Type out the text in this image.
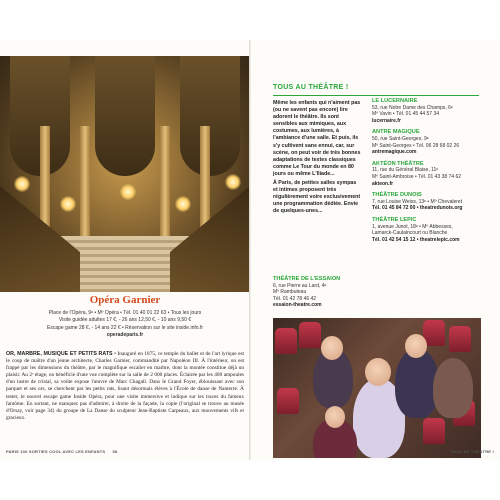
Opéra Garnier
Place de l'Opéra, 9ᵉ • Mº Opéra • Tél. 01 40 01 22 63 • Tous les jours
Visite guidée adultes 17 €, - 26 ans 12,50 €, - 10 ans 9,50 €
Escape game 28 €, - 14 ans 22 € • Réservation sur le site inside.info.fr
operadeparis.fr
OR, MARBRE, MUSIQUE ET PETITS RATS • Inauguré en 1875, ce temple du ballet et de l'art lyrique est le coup de maître d'un jeune architecte, Charles Garnier, commandité par Napoléon III. À l'intérieur, on est frappé par les dimensions du théâtre, par le magnifique escalier en marbre, dont la montée constitue déjà un plaisir. Au 2ᵉ étage, on bénéficie d'une vue complète sur la salle de 2 000 places. Éclairée par les 400 ampoules d'un lustre de cristal, sa voûte expose l'œuvre de Marc Chagall. Dans le Grand Foyer, éblouissant avec son parquet et ses ors, se cherchent par les petits rats, lisant désormais élèves à l'École de danse de Nanterre. À tester, le nouvel escape game Inside Opéra, pour une visite immersive et ludique sur les traces du fameux fantôme. En sortant, ne manquez pas d'admirer, à droite de la façade, la copie (l'original se trouve au musée d'Orsay, voir page 34) du groupe de La Danse du sculpteur Jean-Baptiste Carpeaux, aux mouvements vifs et gracieux.
PARIS 100 SORTIES COOL AVEC LES ENFANTS 58
TOUS AU THÉÂTRE !

Même les enfants qui n'aiment pas (ou ne savent pas encore) lire adorent le théâtre. Ils sont sensibles aux mimiques, aux costumes, aux lumières, à l'ambiance d'une salle. Et puis, ils s'y cultivent sans ennui, car, sur scène, on peut voir de très bonnes adaptations de textes classiques comme Le Tour du monde en 80 jours ou même L'Iliade...

À Paris, de petites salles sympas et intimes proposent très régulièrement voire exclusivement une programmation dédiée. Envie de quelques-unes...

LE LUCERNAIRE
53, rue Notre Dame des Champs, 6ᵉ
Mº Vavin • Tél. 01 45 44 57 34
lucernaire.fr
ANTRE MAGIQUE
50, rue Saint-Georges, 9ᵉ
Mº Saint-Georges • Tél. 06 28 68 02 26
antremagique.com
AKTÉON THÉÂTRE
11, rue du Général Blaise, 11ᵉ
Mº Saint-Ambroise • Tél. 01 43 38 74 62
akteon.fr
THÉÂTRE DUNOIS
7, rue Louise Weiss, 13ᵉ • Mº Chevaleret
Tél. 01 45 84 72 00 • theatredunois.org
THÉÂTRE LEPIC
1, avenue Junot, 18ᵉ • Mº Abbesses,
Lamarck-Caulaincourt ou Blanche
Tél. 01 42 54 15 12 • theatrelepic.com
THÉÂTRE DE L'ESSAION
6, rue Pierre au Lard, 4ᵉ
Mº Rambuteau
Tél. 01 42 78 46 42
essaion-theatre.com
TOUS AU THÉÂTRE !
